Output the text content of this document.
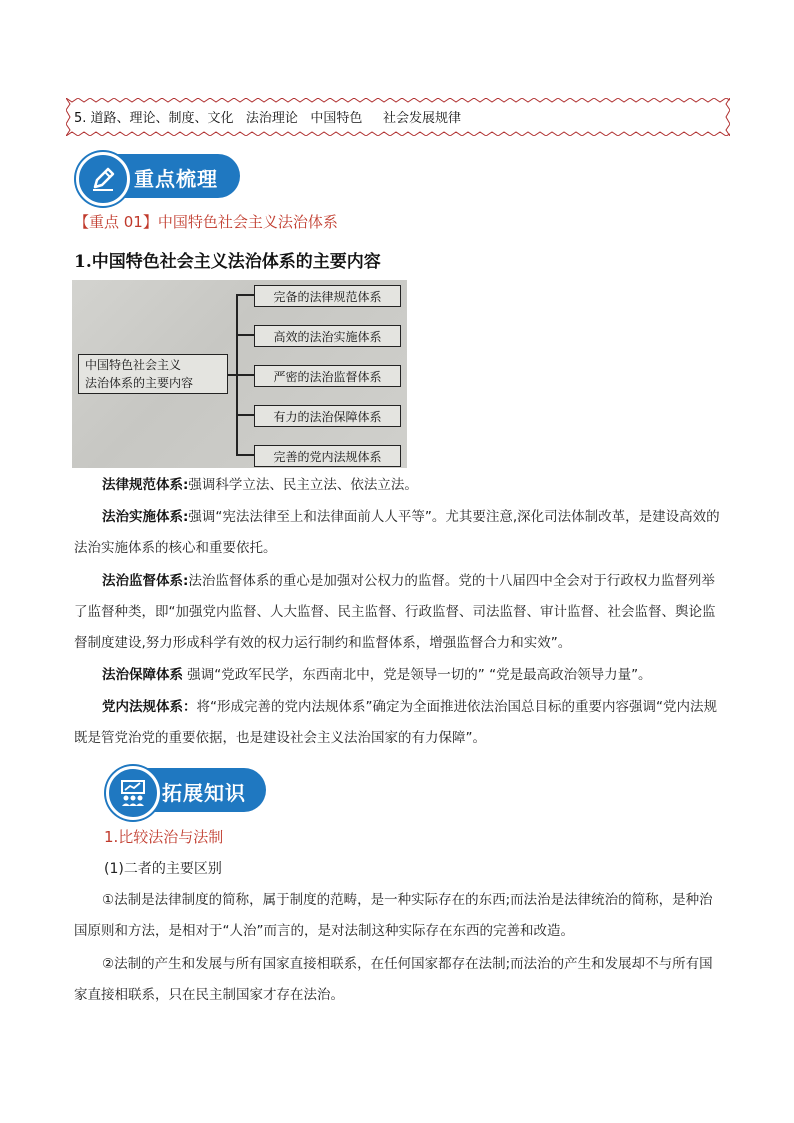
5. 道路、理论、制度、文化   法治理论   中国特色     社会发展规律
重点梳理
【重点 01】中国特色社会主义法治体系
1.中国特色社会主义法治体系的主要内容
中国特色社会主义
法治体系的主要内容
完备的法律规范体系
高效的法治实施体系
严密的法治监督体系
有力的法治保障体系
完善的党内法规体系
法律规范体系:强调科学立法、民主立法、依法立法。
法治实施体系:强调“宪法法律至上和法律面前人人平等”。尤其要注意,深化司法体制改革，是建设高效的法治实施体系的核心和重要依托。
法治监督体系:法治监督体系的重心是加强对公权力的监督。党的十八届四中全会对于行政权力监督列举了监督种类，即“加强党内监督、人大监督、民主监督、行政监督、司法监督、审计监督、社会监督、舆论监督制度建设,努力形成科学有效的权力运行制约和监督体系，增强监督合力和实效”。
法治保障体系 强调“党政军民学，东西南北中，党是领导一切的” “党是最高政治领导力量”。
党内法规体系：将“形成完善的党内法规体系”确定为全面推进依法治国总目标的重要内容强调“党内法规既是管党治党的重要依据，也是建设社会主义法治国家的有力保障”。
拓展知识
1.比较法治与法制
(1)二者的主要区别
①法制是法律制度的简称，属于制度的范畴，是一种实际存在的东西;而法治是法律统治的简称，是种治国原则和方法，是相对于“人治”而言的，是对法制这种实际存在东西的完善和改造。
②法制的产生和发展与所有国家直接相联系，在任何国家都存在法制;而法治的产生和发展却不与所有国家直接相联系，只在民主制国家才存在法治。
